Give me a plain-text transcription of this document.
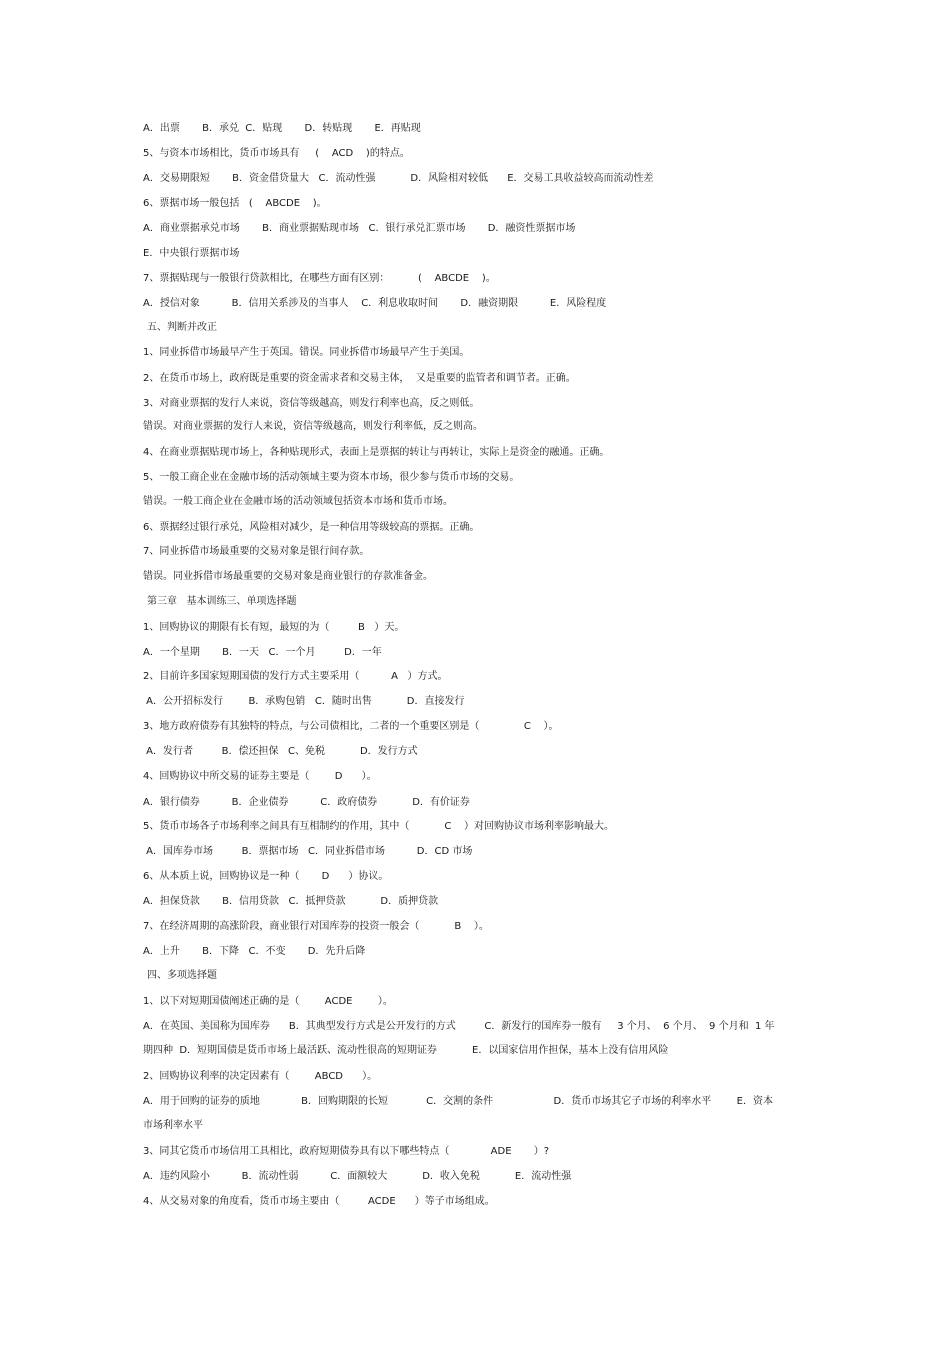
A．出票       B．承兑  C．贴现       D．转贴现       E．再贴现
5、与资本市场相比，货币市场具有     (    ACD    )的特点。
A．交易期限短       B．资金借贷量大   C．流动性强           D．风险相对较低      E．交易工具收益较高而流动性差
6、票据市场一般包括   (    ABCDE    )。
A．商业票据承兑市场       B．商业票据贴现市场   C．银行承兑汇票市场       D．融资性票据市场
E．中央银行票据市场
7、票据贴现与一般银行贷款相比，在哪些方面有区别：         (    ABCDE    )。
A．授信对象          B．信用关系涉及的当事人    C．利息收取时间       D．融资期限          E．风险程度
五、判断并改正
1、同业拆借市场最早产生于英国。错误。同业拆借市场最早产生于美国。
2、在货币市场上，政府既是重要的资金需求者和交易主体，  又是重要的监管者和调节者。正确。
3、对商业票据的发行人来说，资信等级越高，则发行利率也高，反之则低。
错误。对商业票据的发行人来说，资信等级越高，则发行利率低，反之则高。
4、在商业票据贴现市场上，各种贴现形式，表面上是票据的转让与再转让，实际上是资金的融通。正确。
5、一般工商企业在金融市场的活动领域主要为资本市场，很少参与货币市场的交易。
错误。一般工商企业在金融市场的活动领域包括资本市场和货币市场。
6、票据经过银行承兑，风险相对减少，是一种信用等级较高的票据。正确。
7、同业拆借市场最重要的交易对象是银行间存款。
错误。同业拆借市场最重要的交易对象是商业银行的存款准备金。
第三章   基本训练三、单项选择题
1、回购协议的期限有长有短，最短的为（         B   ）天。
A．一个星期       B．一天   C．一个月         D．一年
2、目前许多国家短期国债的发行方式主要采用（          A   ）方式。
A．公开招标发行        B．承购包销   C．随时出售           D．直接发行
3、地方政府债券有其独特的特点，与公司债相比，二者的一个重要区别是（              C    ）。
A．发行者         B．偿还担保   C、免税           D．发行方式
4、回购协议中所交易的证券主要是（        D      ）。
A．银行债券          B．企业债券          C．政府债券           D．有价证券
5、货币市场各子市场利率之间具有互相制约的作用，其中（           C    ）对回购协议市场利率影响最大。
A．国库券市场         B．票据市场   C．同业拆借市场          D．CD 市场
6、从本质上说，回购协议是一种（       D      ）协议。
A．担保贷款       B．信用贷款   C．抵押贷款           D．质押贷款
7、在经济周期的高涨阶段，商业银行对国库券的投资一般会（           B    ）。
A．上升       B．下降   C．不变       D．先升后降
四、多项选择题
1、以下对短期国债阐述正确的是（        ACDE        ）。
A．在英国、美国称为国库券      B．其典型发行方式是公开发行的方式         C．新发行的国库券一般有     3 个月、  6 个月、  9 个月和  1 年
期四种  D．短期国债是货币市场上最活跃、流动性很高的短期证券           E．以国家信用作担保，基本上没有信用风险
2、回购协议利率的决定因素有（        ABCD      ）。
A．用于回购的证券的质地             B．回购期限的长短            C．交割的条件                   D．货币市场其它子市场的利率水平        E．资本
市场利率水平
3、同其它货币市场信用工具相比，政府短期债券具有以下哪些特点（             ADE       ）?
A．违约风险小          B．流动性弱          C．面额较大           D．收入免税           E．流动性强
4、从交易对象的角度看，货币市场主要由（         ACDE      ）等子市场组成。
